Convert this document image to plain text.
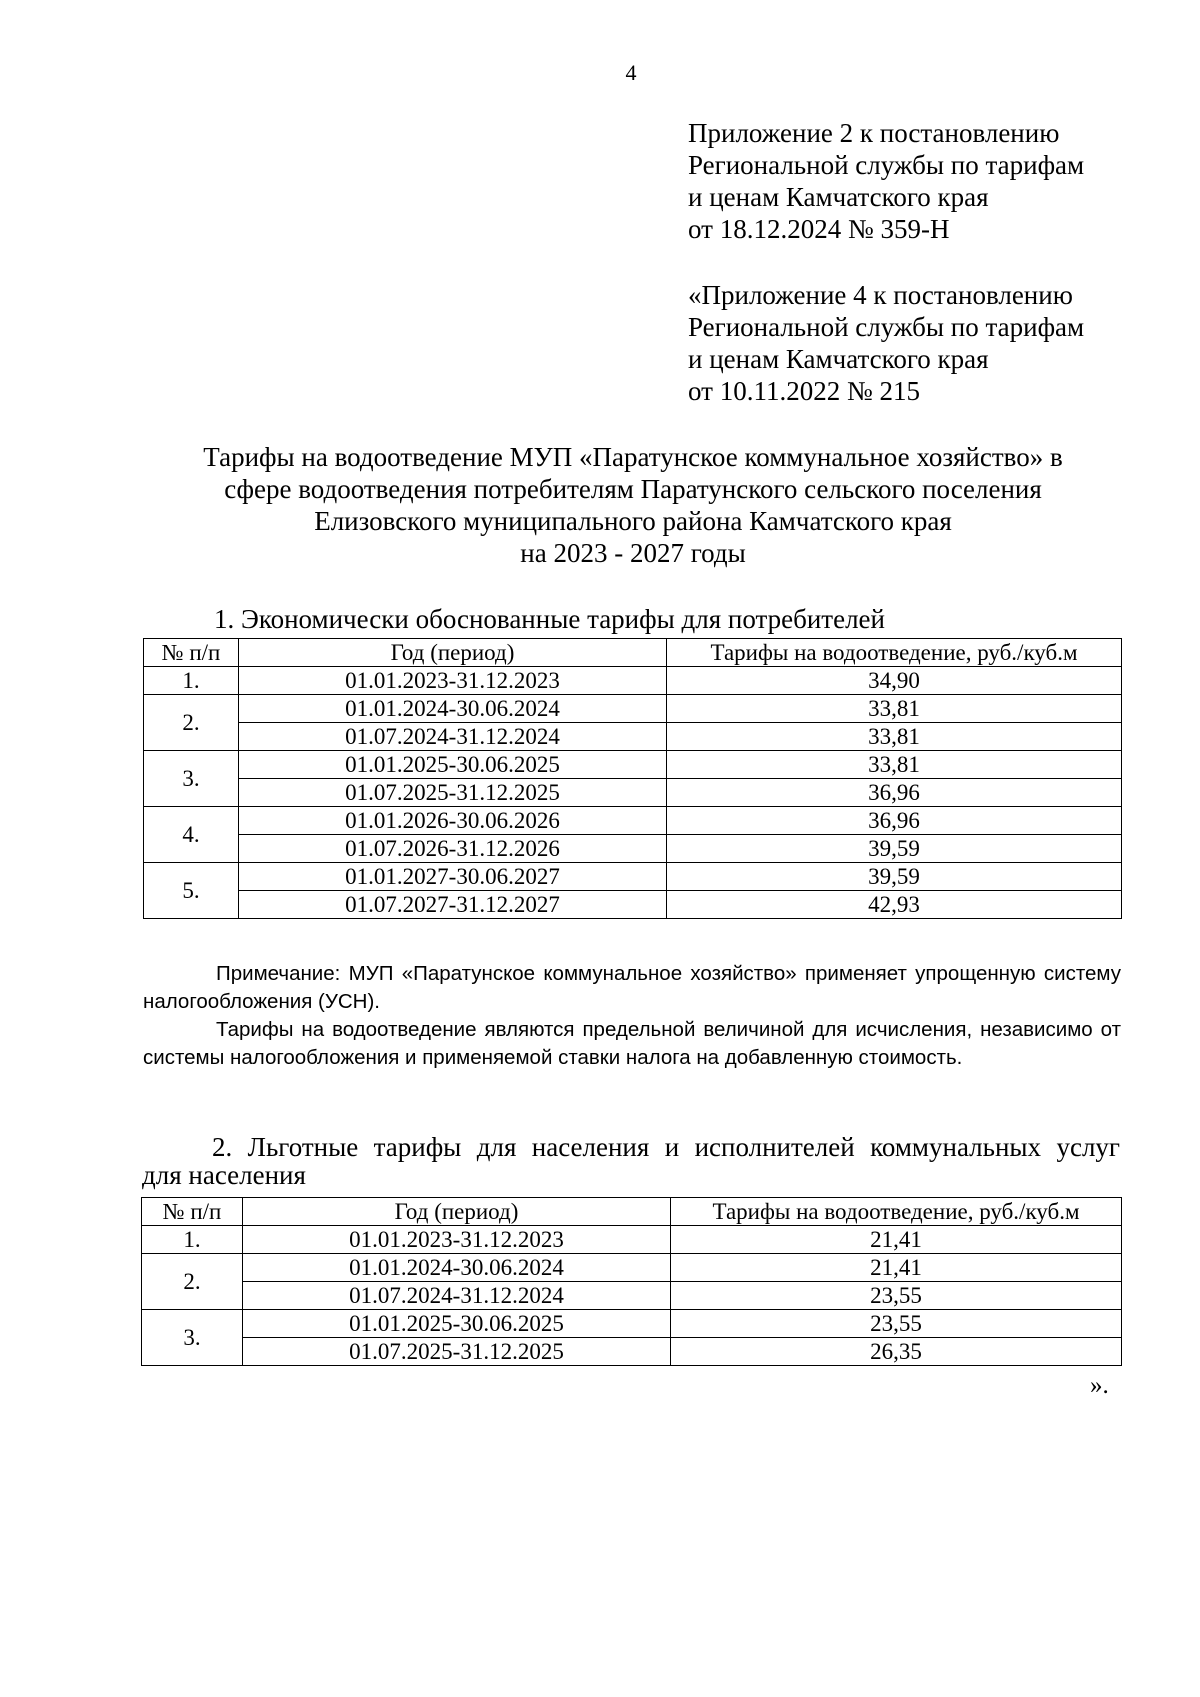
4
Приложение 2 к постановлению
Региональной службы по тарифам
и ценам Камчатского края
от 18.12.2024 № 359-Н
«Приложение 4 к постановлению
Региональной службы по тарифам
и ценам Камчатского края
от 10.11.2022 № 215
Тарифы на водоотведение МУП «Паратунское коммунальное хозяйство» в
сфере водоотведения потребителям Паратунского сельского поселения
Елизовского муниципального района Камчатского края
на 2023 - 2027 годы
1. Экономически обоснованные тарифы для потребителей
№ п/п	Год (период)	Тарифы на водоотведение, руб./куб.м
1.	01.01.2023-31.12.2023	34,90
2.	01.01.2024-30.06.2024	33,81
	01.07.2024-31.12.2024	33,81
3.	01.01.2025-30.06.2025	33,81
	01.07.2025-31.12.2025	36,96
4.	01.01.2026-30.06.2026	36,96
	01.07.2026-31.12.2026	39,59
5.	01.01.2027-30.06.2027	39,59
	01.07.2027-31.12.2027	42,93

Примечание: МУП «Паратунское коммунальное хозяйство» применяет упрощенную систему налогообложения (УСН).

Тарифы на водоотведение являются предельной величиной для исчисления, независимо от системы налогообложения и применяемой ставки налога на добавленную стоимость.

2. Льготные тарифы для населения и исполнителей коммунальных услуг
для населения
№ п/п	Год (период)	Тарифы на водоотведение, руб./куб.м
1.	01.01.2023-31.12.2023	21,41
2.	01.01.2024-30.06.2024	21,41
	01.07.2024-31.12.2024	23,55
3.	01.01.2025-30.06.2025	23,55
	01.07.2025-31.12.2025	26,35
».
